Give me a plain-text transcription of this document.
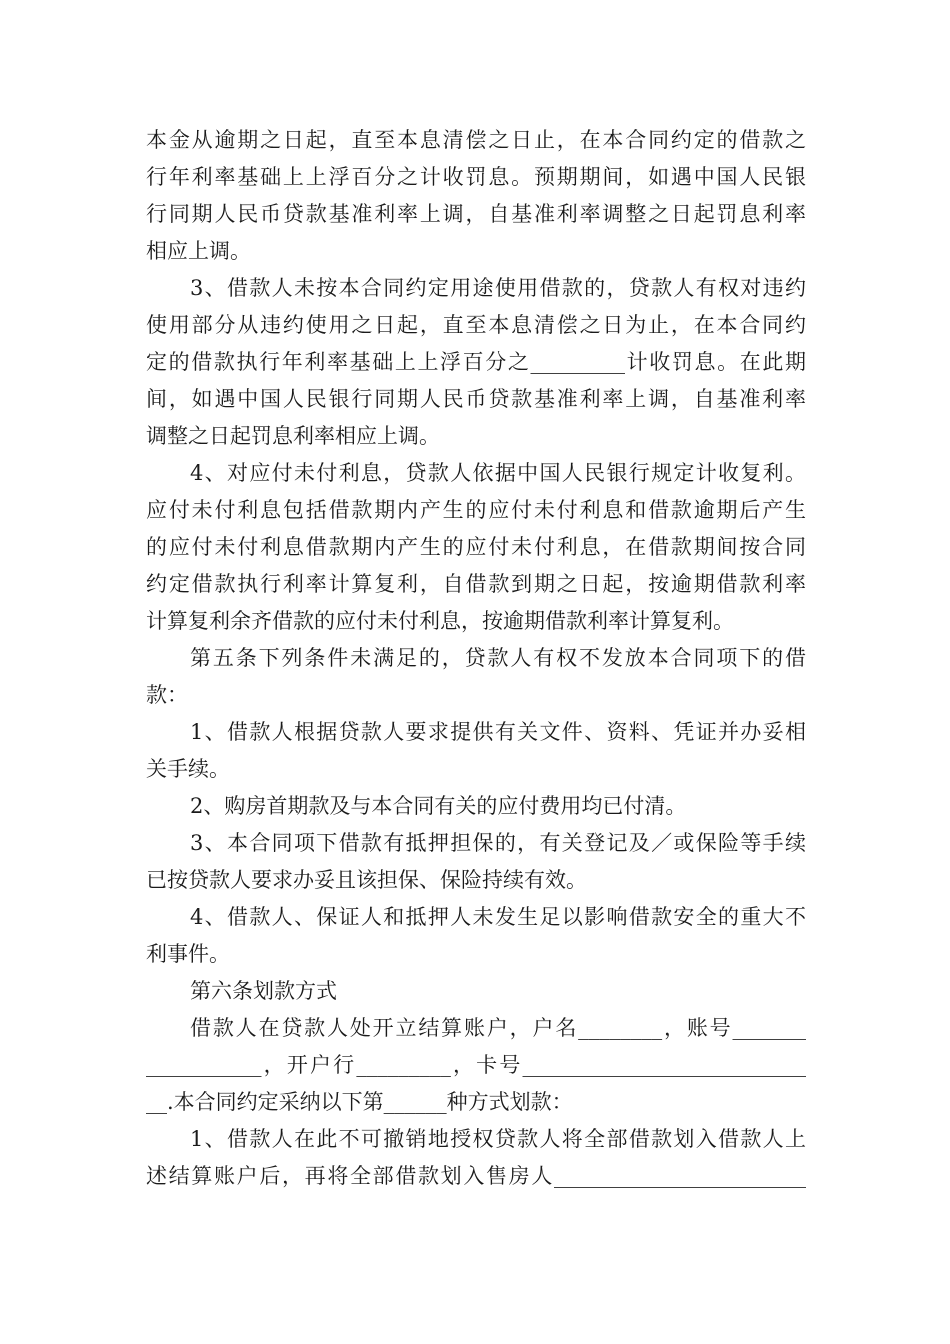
本金从逾期之日起，直至本息清偿之日止，在本合同约定的借款之
行年利率基础上上浮百分之计收罚息。预期期间，如遇中国人民银
行同期人民币贷款基准利率上调，自基准利率调整之日起罚息利率
相应上调。
3、借款人未按本合同约定用途使用借款的，贷款人有权对违约
使用部分从违约使用之日起，直至本息清偿之日为止，在本合同约
定的借款执行年利率基础上上浮百分之_________计收罚息。在此期
间，如遇中国人民银行同期人民币贷款基准利率上调，自基准利率
调整之日起罚息利率相应上调。
4、对应付未付利息，贷款人依据中国人民银行规定计收复利。
应付未付利息包括借款期内产生的应付未付利息和借款逾期后产生
的应付未付利息借款期内产生的应付未付利息，在借款期间按合同
约定借款执行利率计算复利，自借款到期之日起，按逾期借款利率
计算复利余齐借款的应付未付利息，按逾期借款利率计算复利。
第五条下列条件未满足的，贷款人有权不发放本合同项下的借
款：
1、借款人根据贷款人要求提供有关文件、资料、凭证并办妥相
关手续。
2、购房首期款及与本合同有关的应付费用均已付清。
3、本合同项下借款有抵押担保的，有关登记及／或保险等手续
已按贷款人要求办妥且该担保、保险持续有效。
4、借款人、保证人和抵押人未发生足以影响借款安全的重大不
利事件。
第六条划款方式
借款人在贷款人处开立结算账户，户名________，账号_______
___________，开户行_________，卡号___________________________
__.本合同约定采纳以下第______种方式划款：
1、借款人在此不可撤销地授权贷款人将全部借款划入借款人上
述结算账户后，再将全部借款划入售房人________________________
